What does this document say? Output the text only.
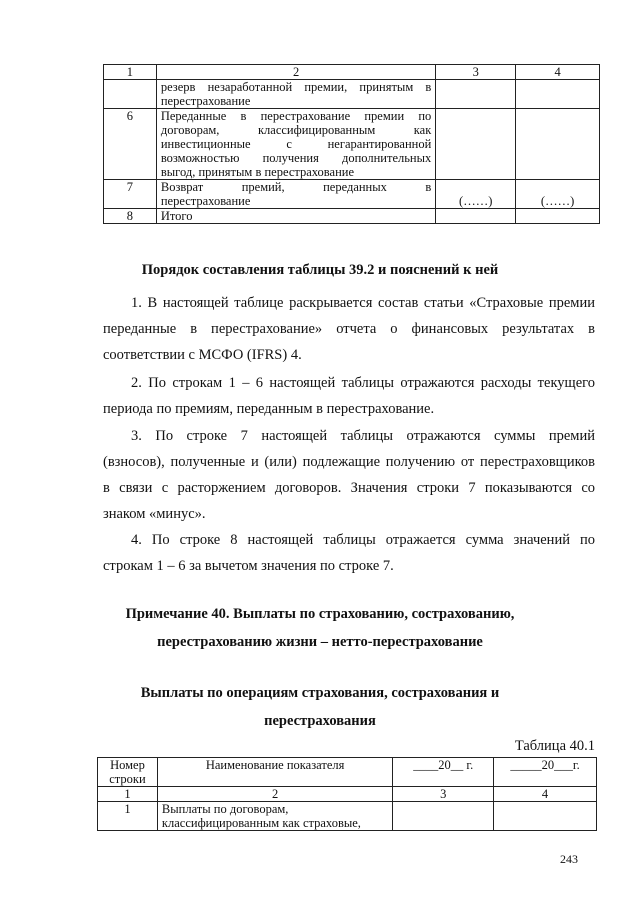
1	2	3	4

	резерв незаработанной премии, принятым в
перестрахование		

6	Переданные в перестрахование премии по
договорам, классифицированным как
инвестиционные с негарантированной
возможностью получения дополнительных
выгод, принятым в перестрахование		

7	Возврат премий, переданных в
перестрахование	(……)	(……)
8	Итого		
Порядок составления таблицы 39.2 и пояснений к ней
1. В настоящей таблице раскрывается состав статьи «Страховые премии
переданные в перестрахование» отчета о финансовых результатах в
соответствии с МСФО (IFRS) 4.
2. По строкам 1 – 6 настоящей таблицы отражаются расходы текущего
периода по премиям, переданным в перестрахование.
3. По строке 7 настоящей таблицы отражаются суммы премий
(взносов), полученные и (или) подлежащие получению от перестраховщиков
в связи с расторжением договоров. Значения строки 7 показываются со
знаком «минус».
4. По строке 8 настоящей таблицы отражается сумма значений по
строкам 1 – 6 за вычетом значения по строке 7.
Примечание 40. Выплаты по страхованию, сострахованию,
перестрахованию жизни – нетто-перестрахование
Выплаты по операциям страхования, сострахования и
перестрахования
Таблица 40.1
Номер строки	Наименование показателя	____20__ г.	_____20___г.
1	2	3	4
1	Выплаты по договорам,
классифицированным как страховые,		

243
